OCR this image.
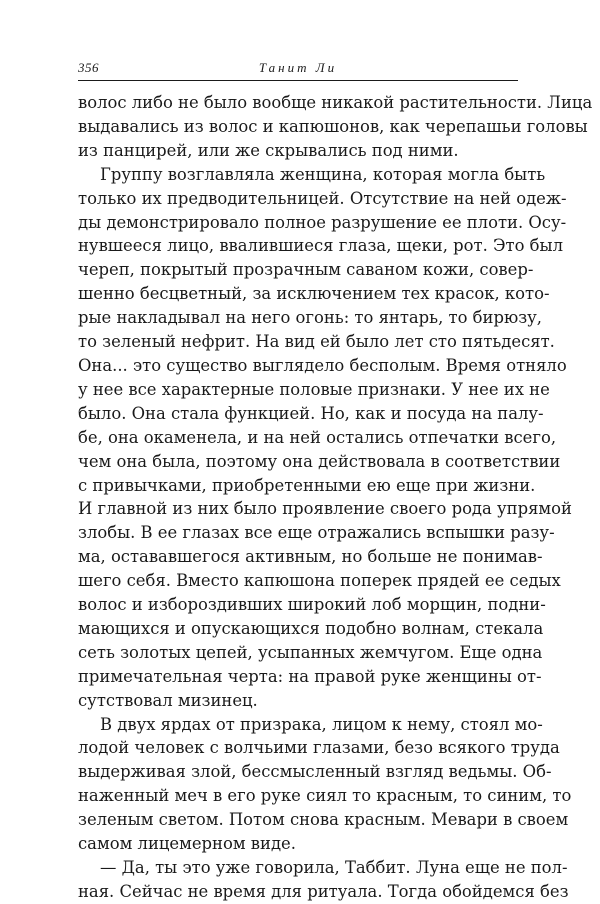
356	Танит Ли
волос либо не было вообще никакой растительности. Лица
выдавались из волос и капюшонов, как черепашьи головы
из панцирей, или же скрывались под ними.
Группу возглавляла женщина, которая могла быть
только их предводительницей. Отсутствие на ней одеж-
ды демонстрировало полное разрушение ее плоти. Осу-
нувшееся лицо, ввалившиеся глаза, щеки, рот. Это был
череп, покрытый прозрачным саваном кожи, совер-
шенно бесцветный, за исключением тех красок, кото-
рые накладывал на него огонь: то янтарь, то бирюзу,
то зеленый нефрит. На вид ей было лет сто пятьдесят.
Она... это существо выглядело бесполым. Время отняло
у нее все характерные половые признаки. У нее их не
было. Она стала функцией. Но, как и посуда на палу-
бе, она окаменела, и на ней остались отпечатки всего,
чем она была, поэтому она действовала в соответствии
с привычками, приобретенными ею еще при жизни.
И главной из них было проявление своего рода упрямой
злобы. В ее глазах все еще отражались вспышки разу-
ма, остававшегося активным, но больше не понимав-
шего себя. Вместо капюшона поперек прядей ее седых
волос и избороздивших широкий лоб морщин, подни-
мающихся и опускающихся подобно волнам, стекала
сеть золотых цепей, усыпанных жемчугом. Еще одна
примечательная черта: на правой руке женщины от-
сутствовал мизинец.
В двух ярдах от призрака, лицом к нему, стоял мо-
лодой человек с волчьими глазами, безо всякого труда
выдерживая злой, бессмысленный взгляд ведьмы. Об-
наженный меч в его руке сиял то красным, то синим, то
зеленым светом. Потом снова красным. Мевари в своем
самом лицемерном виде.
— Да, ты это уже говорила, Таббит. Луна еще не пол-
ная. Сейчас не время для ритуала. Тогда обойдемся без
